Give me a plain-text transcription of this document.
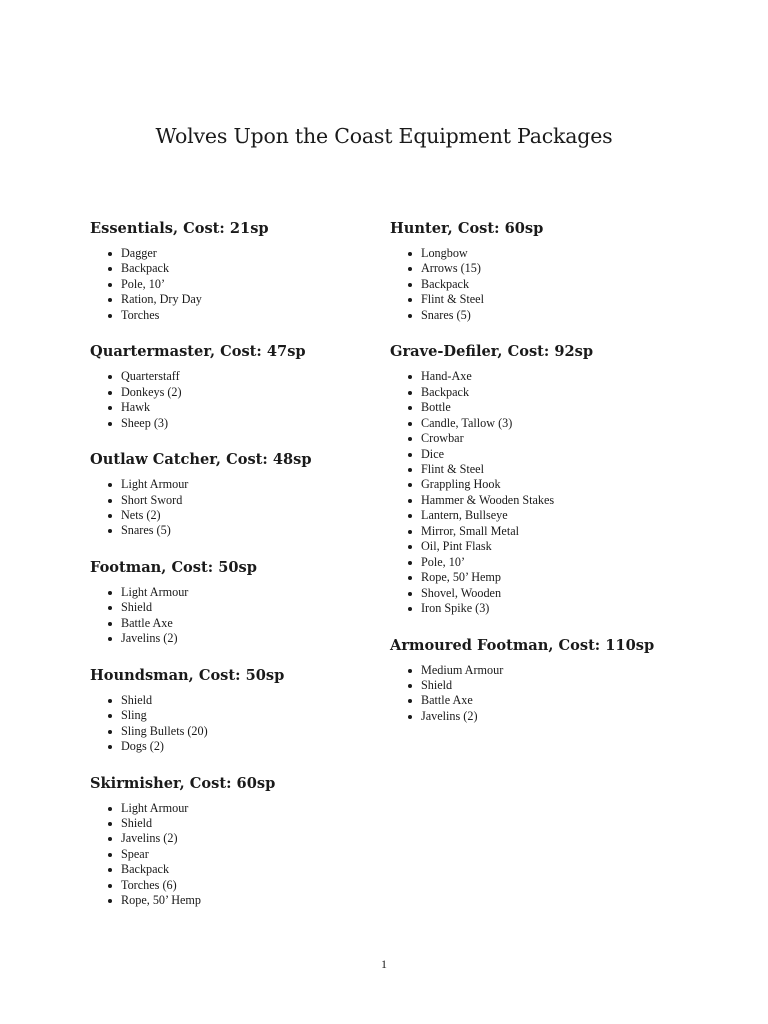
Wolves Upon the Coast Equipment Packages
Essentials, Cost: 21sp
Dagger
Backpack
Pole, 10’
Ration, Dry Day
Torches
Quartermaster, Cost: 47sp
Quarterstaff
Donkeys (2)
Hawk
Sheep (3)
Outlaw Catcher, Cost: 48sp
Light Armour
Short Sword
Nets (2)
Snares (5)
Footman, Cost: 50sp
Light Armour
Shield
Battle Axe
Javelins (2)
Houndsman, Cost: 50sp
Shield
Sling
Sling Bullets (20)
Dogs (2)
Skirmisher, Cost: 60sp
Light Armour
Shield
Javelins (2)
Spear
Backpack
Torches (6)
Rope, 50’ Hemp
Hunter, Cost: 60sp
Longbow
Arrows (15)
Backpack
Flint & Steel
Snares (5)
Grave-Defiler, Cost: 92sp
Hand-Axe
Backpack
Bottle
Candle, Tallow (3)
Crowbar
Dice
Flint & Steel
Grappling Hook
Hammer & Wooden Stakes
Lantern, Bullseye
Mirror, Small Metal
Oil, Pint Flask
Pole, 10’
Rope, 50’ Hemp
Shovel, Wooden
Iron Spike (3)
Armoured Footman, Cost: 110sp
Medium Armour
Shield
Battle Axe
Javelins (2)
1
